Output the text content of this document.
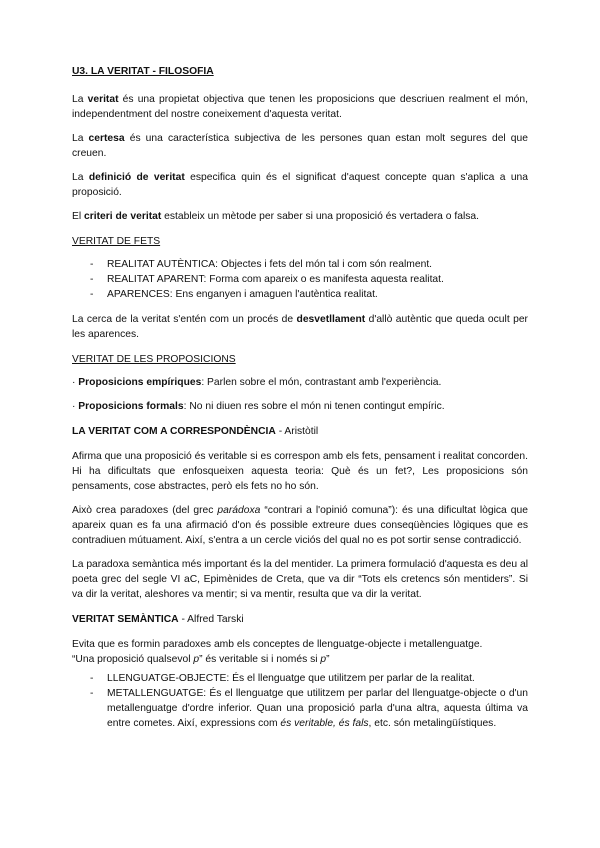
U3. LA VERITAT - FILOSOFIA

La veritat és una propietat objectiva que tenen les proposicions que descriuen realment el món, independentment del nostre coneixement d'aquesta veritat.

La certesa és una característica subjectiva de les persones quan estan molt segures del que creuen.

La definició de veritat especifica quin és el significat d'aquest concepte quan s'aplica a una proposició.

El criteri de veritat estableix un mètode per saber si una proposició és vertadera o falsa.

VERITAT DE FETS

- REALITAT AUTÈNTICA: Objectes i fets del món tal i com són realment.
- REALITAT APARENT: Forma com apareix o es manifesta aquesta realitat.
- APARENCES: Ens enganyen i amaguen l'autèntica realitat.

La cerca de la veritat s'entén com un procés de desvetllament d'allò autèntic que queda ocult per les aparences.

VERITAT DE LES PROPOSICIONS

· Proposicions empíriques: Parlen sobre el món, contrastant amb l'experiència.

· Proposicions formals: No ni diuen res sobre el món ni tenen contingut empíric.

LA VERITAT COM A CORRESPONDÈNCIA - Aristòtil

Afirma que una proposició és veritable si es correspon amb els fets, pensament i realitat concorden. Hi ha dificultats que enfosqueixen aquesta teoria: Què és un fet?, Les proposicions són pensaments, cose abstractes, però els fets no ho són.

Això crea paradoxes (del grec parádoxa “contrari a l'opinió comuna”): és una dificultat lògica que apareix quan es fa una afirmació d'on és possible extreure dues conseqüències lògiques que es contradiuen mútuament. Així, s'entra a un cercle viciós del qual no es pot sortir sense contradicció.

La paradoxa semàntica més important és la del mentider. La primera formulació d'aquesta es deu al poeta grec del segle VI aC, Epimènides de Creta, que va dir “Tots els cretencs són mentiders”. Si va dir la veritat, aleshores va mentir; si va mentir, resulta que va dir la veritat.

VERITAT SEMÀNTICA - Alfred Tarski

Evita que es formin paradoxes amb els conceptes de llenguatge-objecte i metallenguatge.
“Una proposició qualsevol p” és veritable si i només si p”

- LLENGUATGE-OBJECTE: És el llenguatge que utilitzem per parlar de la realitat.
- METALLENGUATGE: És el llenguatge que utilitzem per parlar del llenguatge-objecte o d'un metallenguatge d'ordre inferior. Quan una proposició parla d'una altra, aquesta última va entre cometes. Així, expressions com és veritable, és fals, etc. són metalingüístiques.
